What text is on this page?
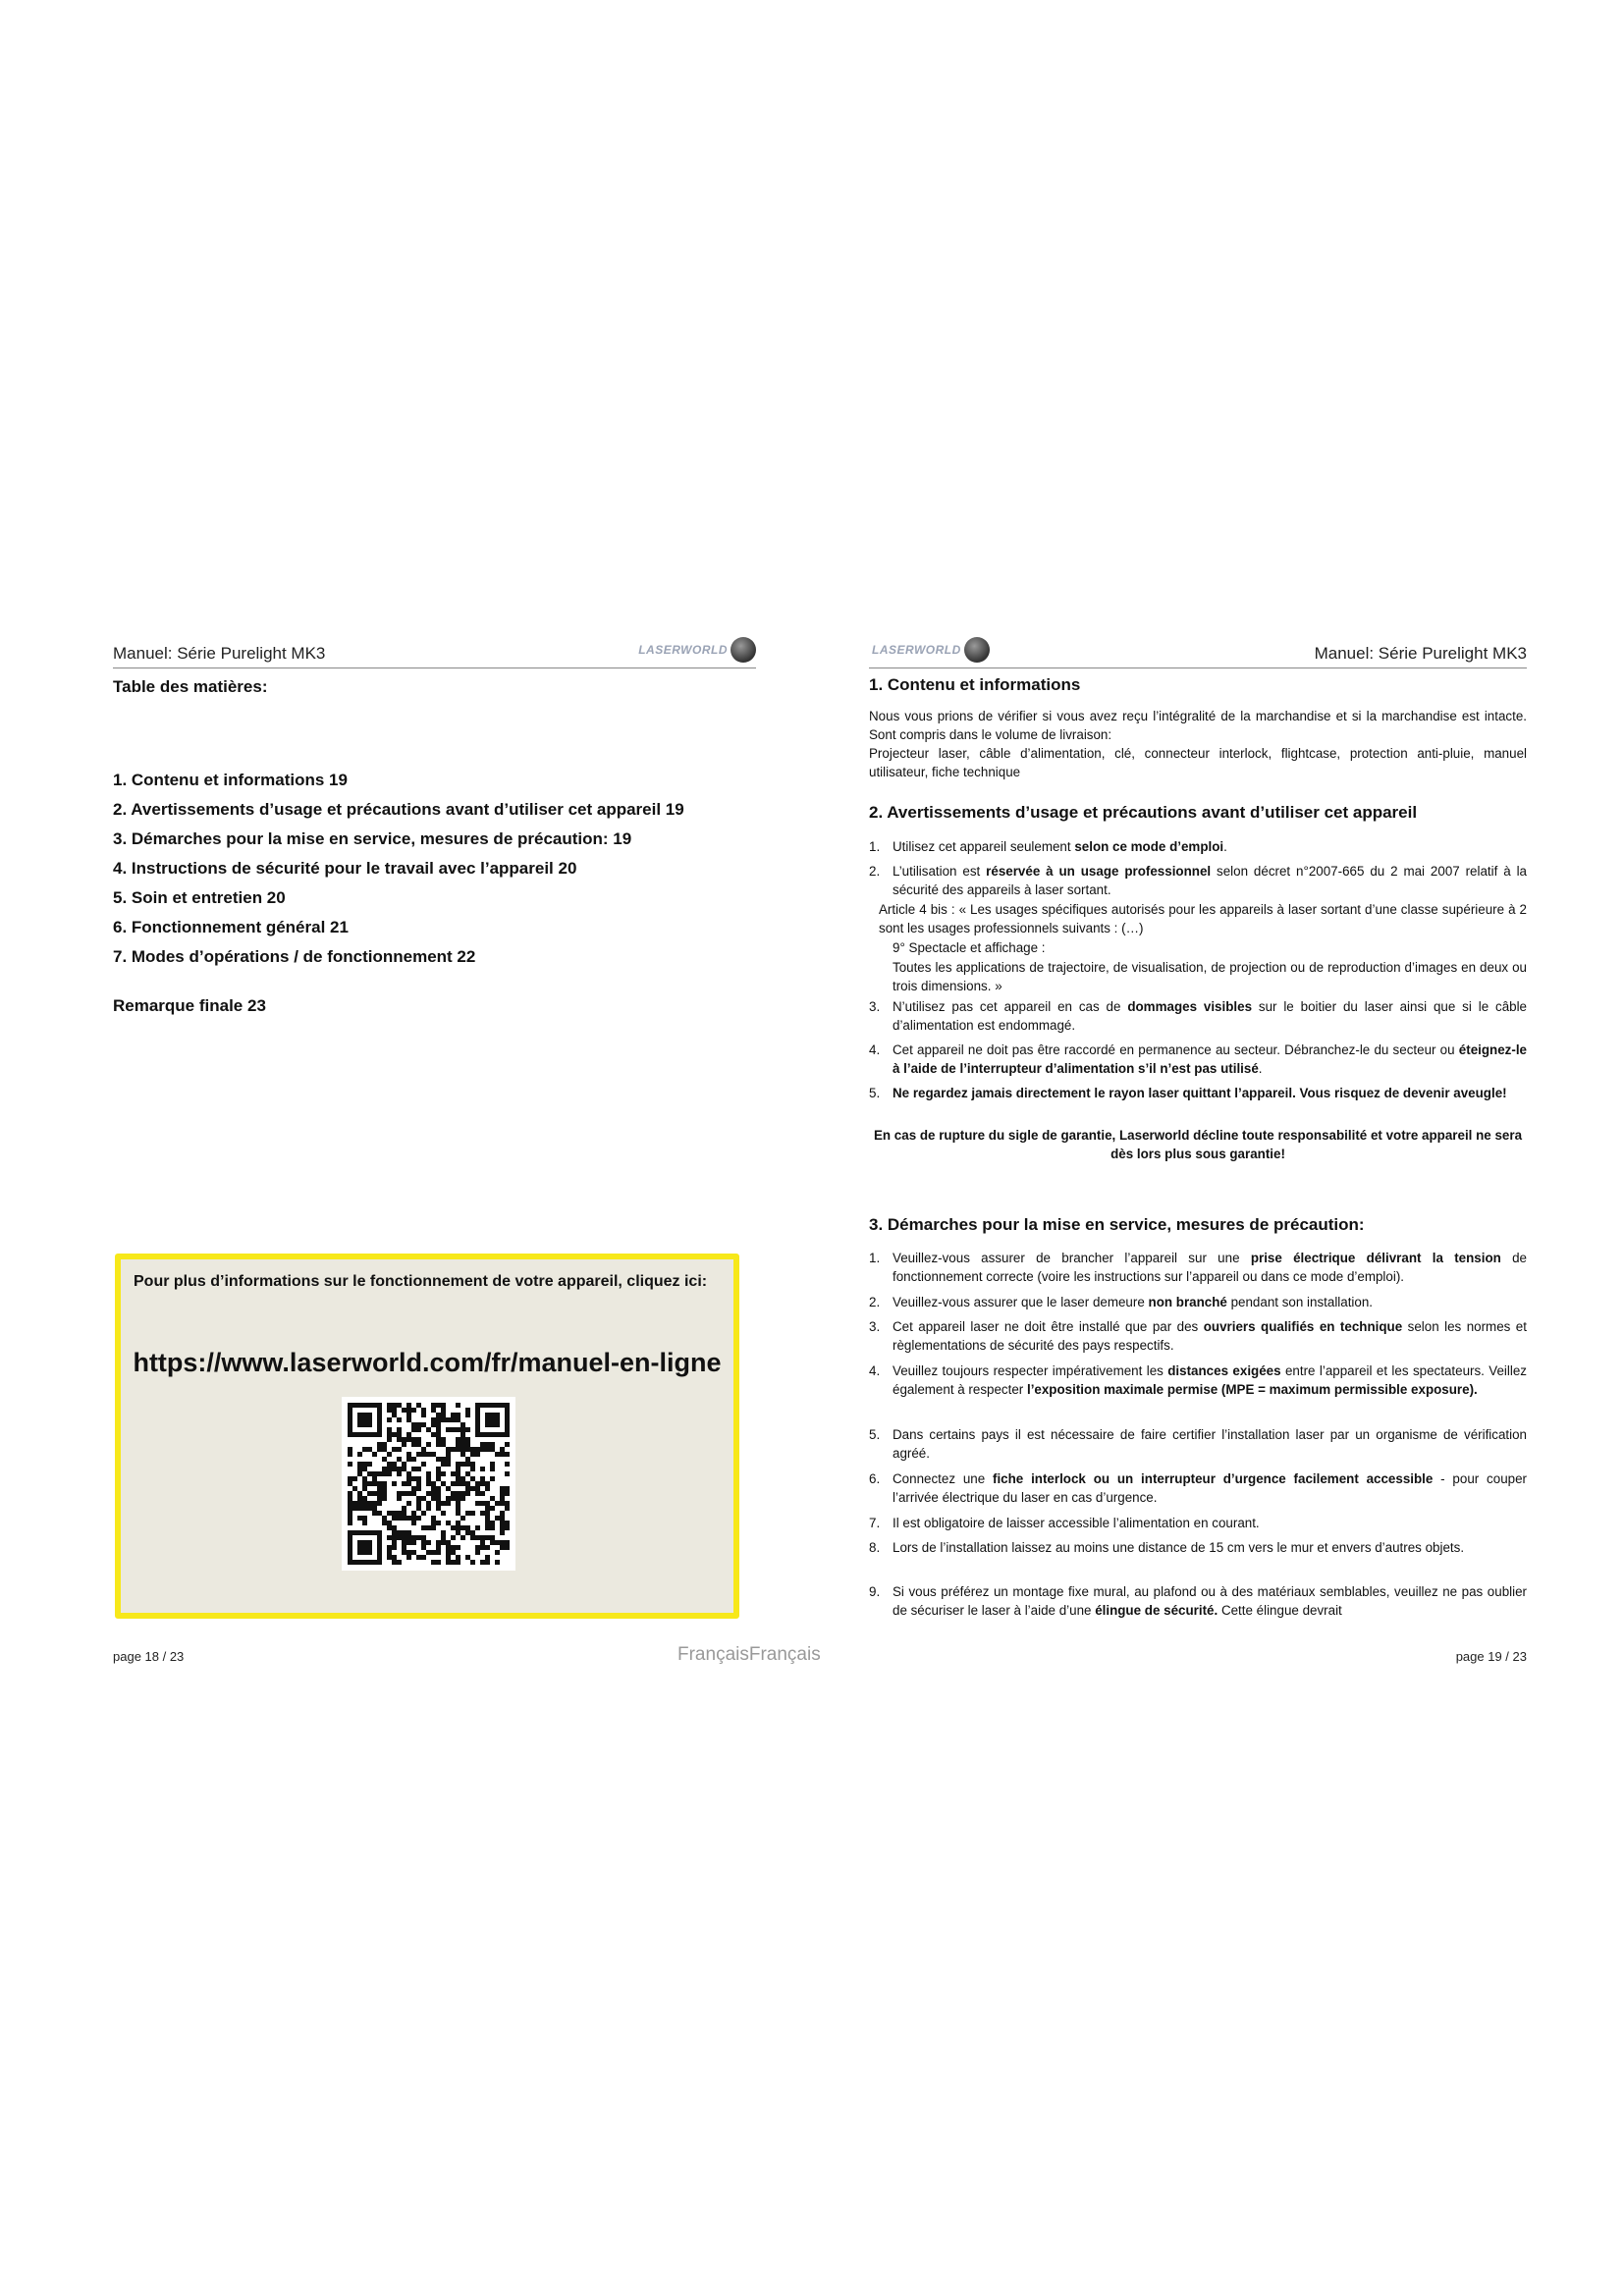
Manuel: Série Purelight MK3	LASERWORLD
Table des matières:
1. Contenu et informations 19
2. Avertissements d’usage et précautions avant d’utiliser cet appareil 19
3. Démarches pour la mise en service, mesures de précaution: 19
4. Instructions de sécurité pour le travail avec l’appareil 20
5. Soin et entretien 20
6. Fonctionnement général 21
7. Modes d’opérations / de fonctionnement 22
Remarque finale 23
Pour plus d’informations sur le fonctionnement de votre appareil, cliquez ici:
https://www.laserworld.com/fr/manuel-en-ligne
page 18 / 23	FrançaisFrançais
LASERWORLD	Manuel: Série Purelight MK3
1. Contenu et informations
Nous vous prions de vérifier si vous avez reçu l’intégralité de la marchandise et si la marchandise est intacte. Sont compris dans le volume de livraison:
Projecteur laser, câble d’alimentation, clé, connecteur interlock, flightcase, protection anti-pluie, manuel utilisateur, fiche technique
2. Avertissements d’usage et précautions avant d’utiliser cet appareil
1. Utilisez cet appareil seulement selon ce mode d’emploi.
2. L’utilisation est réservée à un usage professionnel selon décret n°2007-665 du 2 mai 2007 relatif à la sécurité des appareils à laser sortant.
Article 4 bis : « Les usages spécifiques autorisés pour les appareils à laser sortant d’une classe supérieure à 2 sont les usages professionnels suivants : (…)
9° Spectacle et affichage :
Toutes les applications de trajectoire, de visualisation, de projection ou de reproduction d’images en deux ou trois dimensions. »
3. N’utilisez pas cet appareil en cas de dommages visibles sur le boitier du laser ainsi que si le câble d’alimentation est endommagé.
4. Cet appareil ne doit pas être raccordé en permanence au secteur. Débranchez-le du secteur ou éteignez-le à l’aide de l’interrupteur d’alimentation s’il n’est pas utilisé.
5. Ne regardez jamais directement le rayon laser quittant l’appareil. Vous risquez de devenir aveugle!
En cas de rupture du sigle de garantie, Laserworld décline toute responsabilité et votre appareil ne sera dès lors plus sous garantie!
3. Démarches pour la mise en service, mesures de précaution:
1. Veuillez-vous assurer de brancher l’appareil sur une prise électrique délivrant la tension de fonctionnement correcte (voire les instructions sur l’appareil ou dans ce mode d’emploi).
2. Veuillez-vous assurer que le laser demeure non branché pendant son installation.
3. Cet appareil laser ne doit être installé que par des ouvriers qualifiés en technique selon les normes et règlementations de sécurité des pays respectifs.
4. Veuillez toujours respecter impérativement les distances exigées entre l’appareil et les spectateurs. Veillez également à respecter l’exposition maximale permise (MPE = maximum permissible exposure).
5. Dans certains pays il est nécessaire de faire certifier l’installation laser par un organisme de vérification agréé.
6. Connectez une fiche interlock ou un interrupteur d’urgence facilement accessible - pour couper l’arrivée électrique du laser en cas d’urgence.
7. Il est obligatoire de laisser accessible l’alimentation en courant.
8. Lors de l’installation laissez au moins une distance de 15 cm vers le mur et envers d’autres objets.
9. Si vous préférez un montage fixe mural, au plafond ou à des matériaux semblables, veuillez ne pas oublier de sécuriser le laser à l’aide d’une élingue de sécurité. Cette élingue devrait
page 19 / 23
